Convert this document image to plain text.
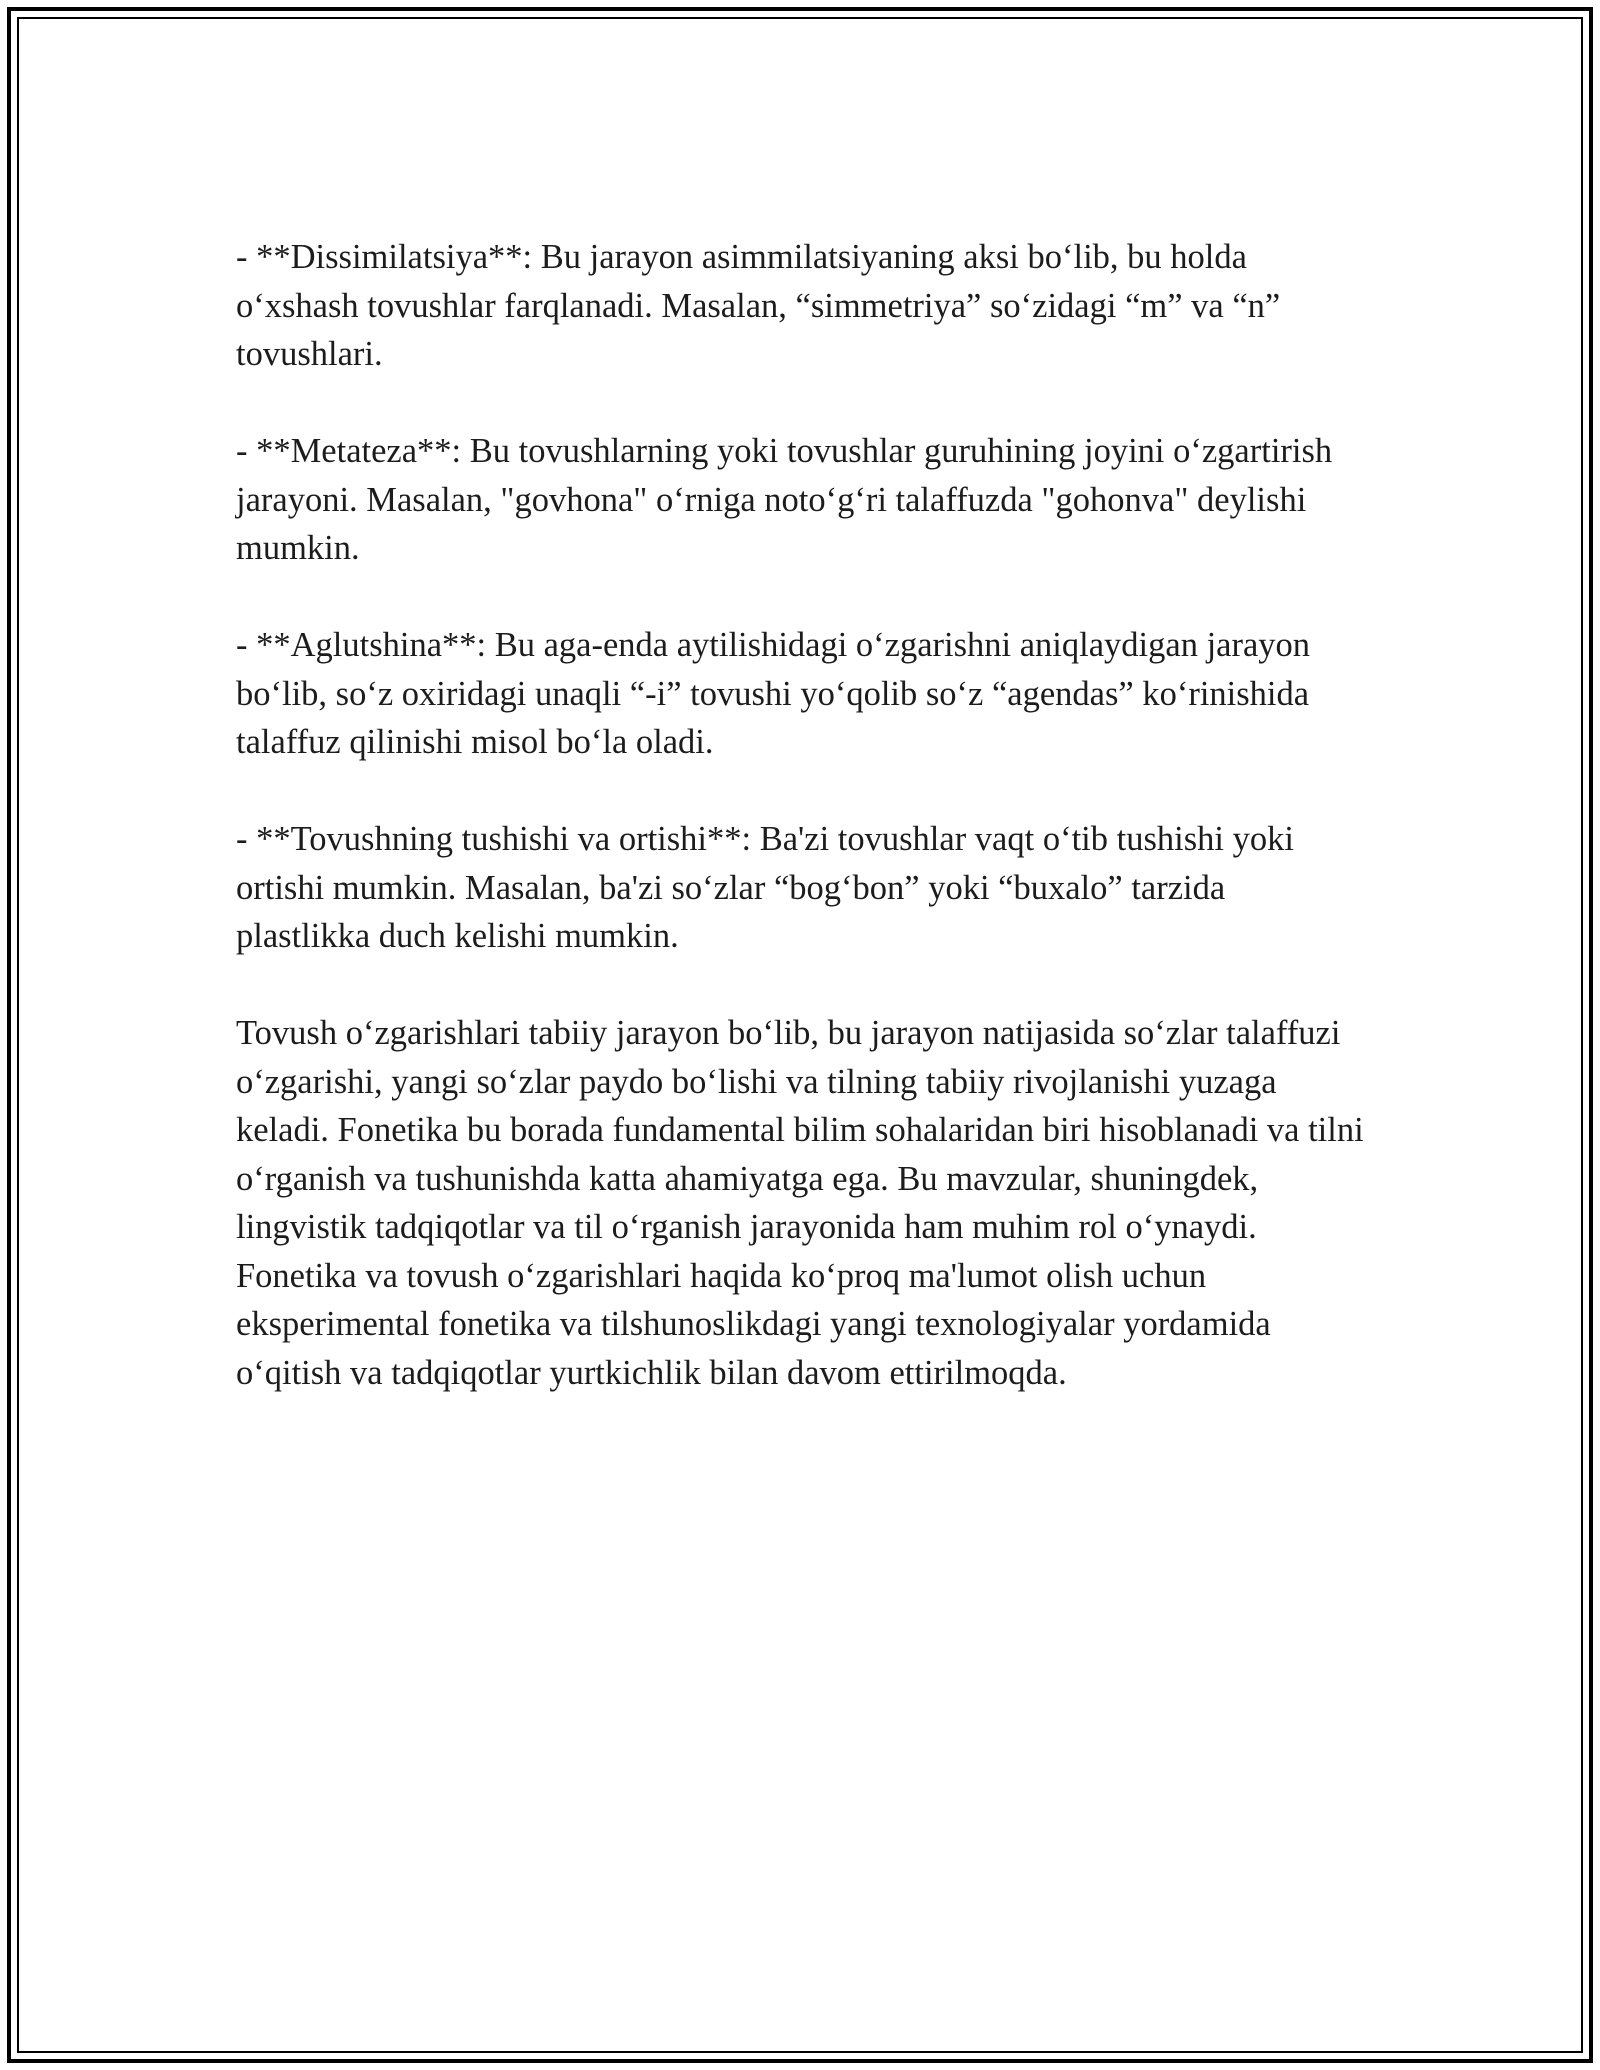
- **Dissimilatsiya**: Bu jarayon asimmilatsiyaning aksi bo‘lib, bu holda o‘xshash tovushlar farqlanadi. Masalan, “simmetriya” so‘zidagi “m” va “n” tovushlari.

- **Metateza**: Bu tovushlarning yoki tovushlar guruhining joyini o‘zgartirish jarayoni. Masalan, "govhona" o‘rniga noto‘g‘ri talaffuzda "gohonva" deylishi mumkin.

- **Aglutshina**: Bu aga-enda aytilishidagi o‘zgarishni aniqlaydigan jarayon bo‘lib, so‘z oxiridagi unaqli “-i” tovushi yo‘qolib so‘z “agendas” ko‘rinishida talaffuz qilinishi misol bo‘la oladi.

- **Tovushning tushishi va ortishi**: Ba'zi tovushlar vaqt o‘tib tushishi yoki ortishi mumkin. Masalan, ba'zi so‘zlar “bog‘bon” yoki “buxalo” tarzida plastlikka duch kelishi mumkin.

Tovush o‘zgarishlari tabiiy jarayon bo‘lib, bu jarayon natijasida so‘zlar talaffuzi o‘zgarishi, yangi so‘zlar paydo bo‘lishi va tilning tabiiy rivojlanishi yuzaga keladi. Fonetika bu borada fundamental bilim sohalaridan biri hisoblanadi va tilni o‘rganish va tushunishda katta ahamiyatga ega. Bu mavzular, shuningdek, lingvistik tadqiqotlar va til o‘rganish jarayonida ham muhim rol o‘ynaydi. Fonetika va tovush o‘zgarishlari haqida ko‘proq ma'lumot olish uchun eksperimental fonetika va tilshunoslikdagi yangi texnologiyalar yordamida o‘qitish va tadqiqotlar yurtkichlik bilan davom ettirilmoqda.
